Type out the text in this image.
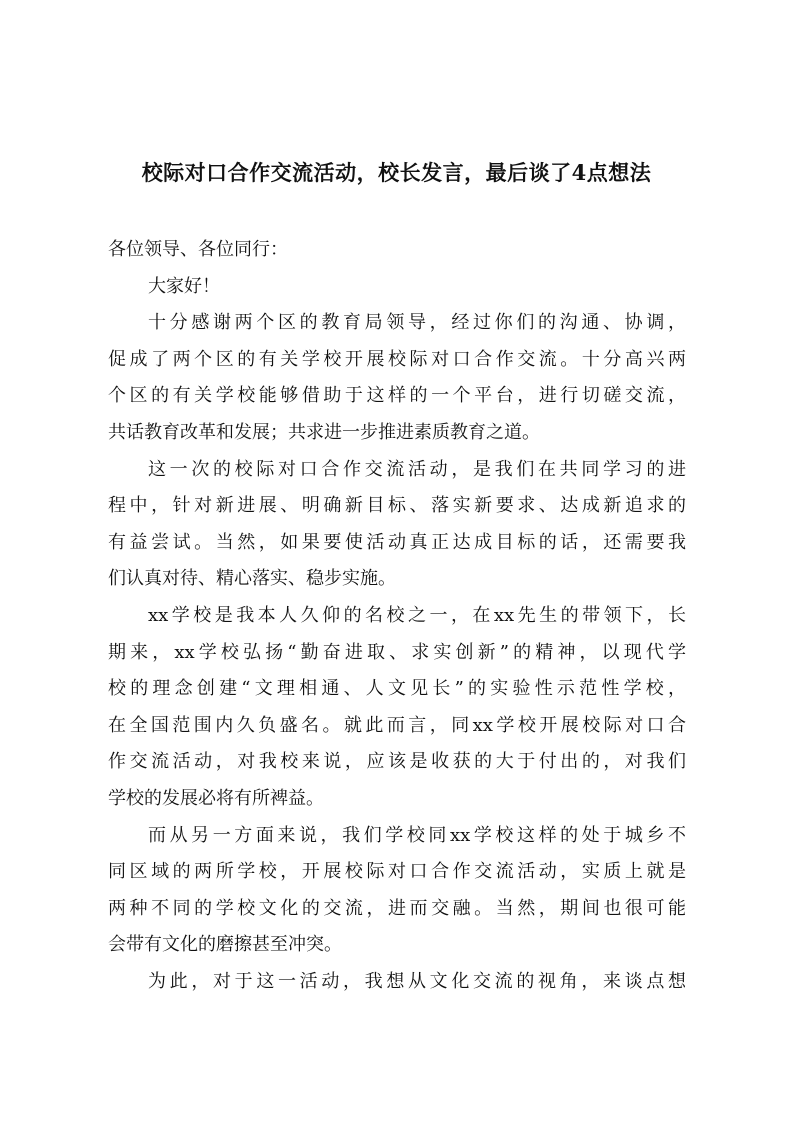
校际对口合作交流活动，校长发言，最后谈了4点想法
各位领导、各位同行：
大家好！
十分感谢两个区的教育局领导，经过你们的沟通、协调，
促成了两个区的有关学校开展校际对口合作交流。十分高兴两
个区的有关学校能够借助于这样的一个平台，进行切磋交流，
共话教育改革和发展；共求进一步推进素质教育之道。
这一次的校际对口合作交流活动，是我们在共同学习的进
程中，针对新进展、明确新目标、落实新要求、达成新追求的
有益尝试。当然，如果要使活动真正达成目标的话，还需要我
们认真对待、精心落实、稳步实施。
xx学校是我本人久仰的名校之一，在xx先生的带领下，长
期来，xx学校弘扬“勤奋进取、求实创新”的精神，以现代学
校的理念创建“文理相通、人文见长”的实验性示范性学校，
在全国范围内久负盛名。就此而言，同xx学校开展校际对口合
作交流活动，对我校来说，应该是收获的大于付出的，对我们
学校的发展必将有所裨益。
而从另一方面来说，我们学校同xx学校这样的处于城乡不
同区域的两所学校，开展校际对口合作交流活动，实质上就是
两种不同的学校文化的交流，进而交融。当然，期间也很可能
会带有文化的磨擦甚至冲突。
为此，对于这一活动，我想从文化交流的视角，来谈点想
